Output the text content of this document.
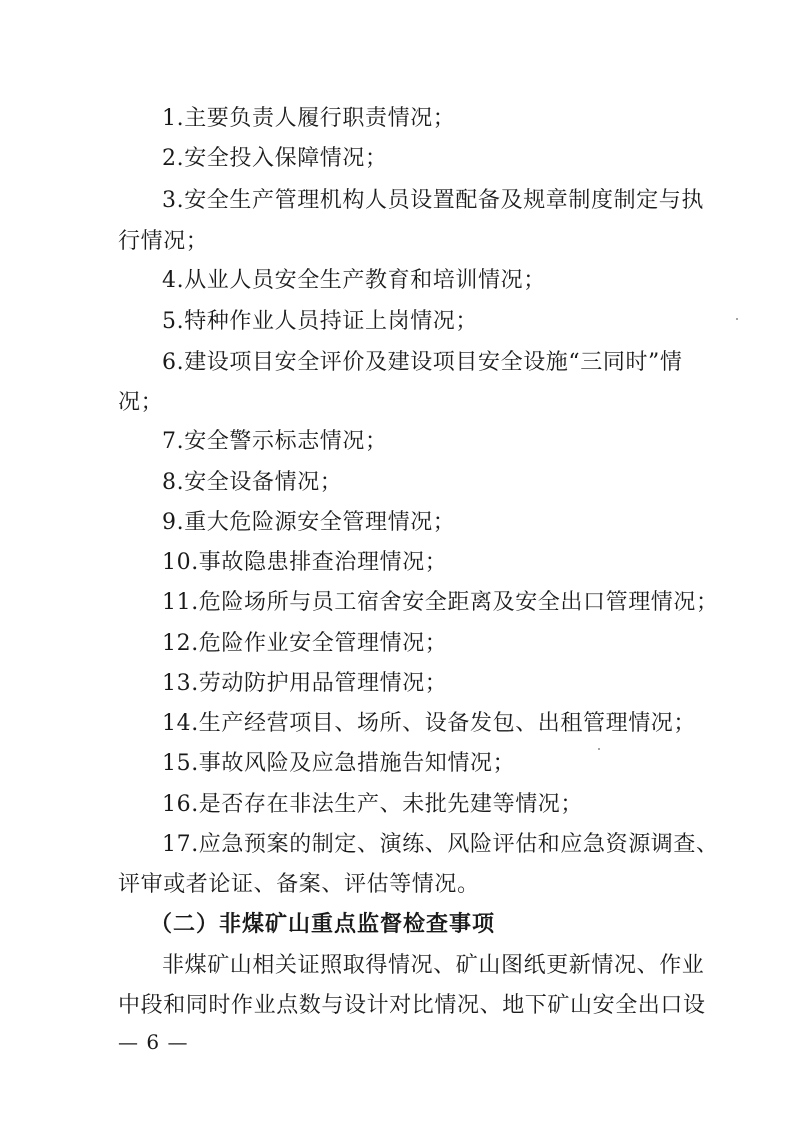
1.主要负责人履行职责情况；
2.安全投入保障情况；
3.安全生产管理机构人员设置配备及规章制度制定与执
行情况；
4.从业人员安全生产教育和培训情况；
5.特种作业人员持证上岗情况；
6.建设项目安全评价及建设项目安全设施“三同时”情
况；
7.安全警示标志情况；
8.安全设备情况；
9.重大危险源安全管理情况；
10.事故隐患排查治理情况；
11.危险场所与员工宿舍安全距离及安全出口管理情况；
12.危险作业安全管理情况；
13.劳动防护用品管理情况；
14.生产经营项目、场所、设备发包、出租管理情况；
15.事故风险及应急措施告知情况；
16.是否存在非法生产、未批先建等情况；
17.应急预案的制定、演练、风险评估和应急资源调查、
评审或者论证、备案、评估等情况。
（二）非煤矿山重点监督检查事项
非煤矿山相关证照取得情况、矿山图纸更新情况、作业
中段和同时作业点数与设计对比情况、地下矿山安全出口设
— 6 —
